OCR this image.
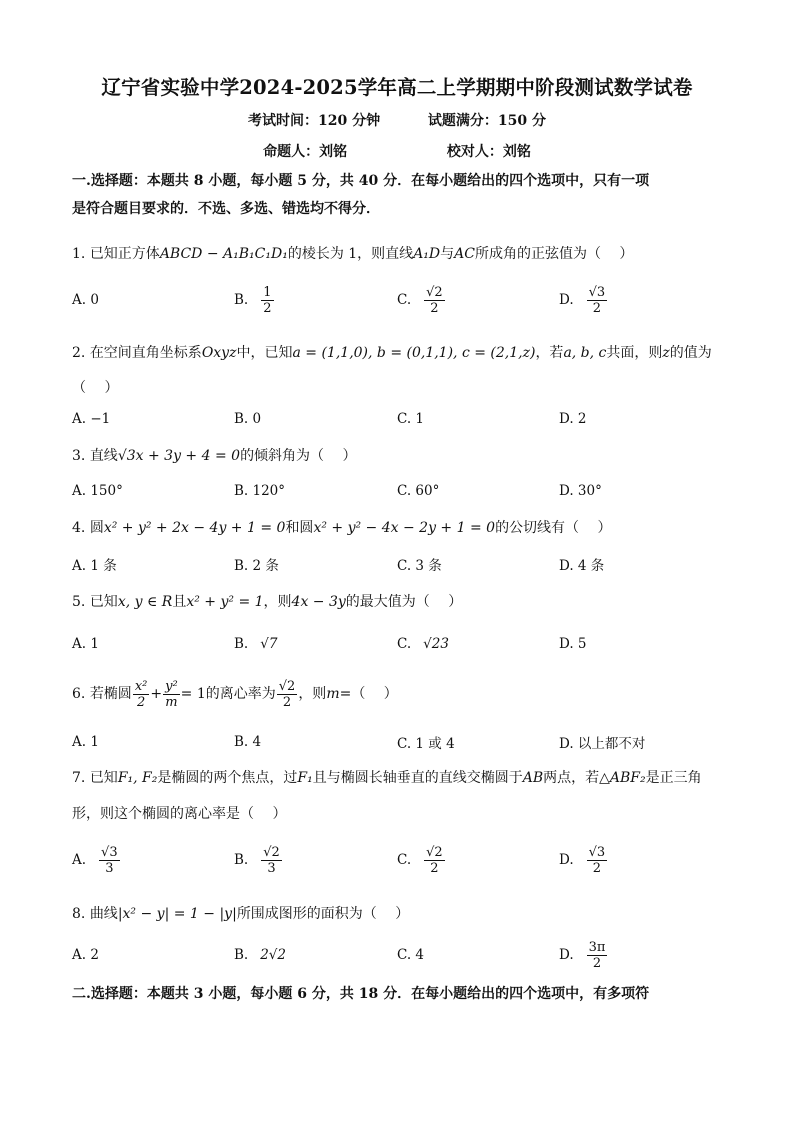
辽宁省实验中学2024-2025学年高二上学期期中阶段测试数学试卷
考试时间：120 分钟	试题满分：150 分
命题人：刘铭	校对人：刘铭
一.选择题：本题共 8 小题，每小题 5 分，共 40 分．在每小题给出的四个选项中，只有一项
是符合题目要求的．不选、多选、错选均不得分．
1. 已知正方体ABCD − A₁B₁C₁D₁的棱长为 1，则直线A₁D与AC所成角的正弦值为（　 ）
A. 0	B. $\frac{1}{2}$	C. $\frac{√2}{2}$	D. $\frac{√3}{2}$
2. 在空间直角坐标系Oxyz中，已知a = (1,1,0), b = (0,1,1), c = (2,1,z)，若a, b, c共面，则z的值为
（　 ）
A. −1	B. 0	C. 1	D. 2
3. 直线√3x + 3y + 4 = 0的倾斜角为（　 ）
A. 150°	B. 120°	C. 60°	D. 30°
4. 圆x² + y² + 2x − 4y + 1 = 0和圆x² + y² − 4x − 2y + 1 = 0的公切线有（　 ）
A. 1 条	B. 2 条	C. 3 条	D. 4 条
5. 已知x, y ∈ R且x² + y² = 1，则4x − 3y的最大值为（　 ）
A. 1	B. √7	C. √23	D. 5
6.
若椭圆 $\frac{\text{x²}}{2} + \frac{\text{y²}}{m} = 1$ 的离心率为 $\frac{√2}{2}$ ，则 m =（　 ）
A. 1	B. 4	C. 1 或 4	D. 以上都不对
7. 已知F₁, F₂是椭圆的两个焦点，过F₁且与椭圆长轴垂直的直线交椭圆于AB两点，若△ABF₂是正三角
形，则这个椭圆的离心率是（　 ）
A. $\frac{√3}{3}$	B. $\frac{√2}{3}$	C. $\frac{√2}{2}$	D. $\frac{√3}{2}$
8. 曲线|x² − y| = 1 − |y|所围成图形的面积为（　 ）
A. 2	B. 2√2	C. 4	D. $\frac{3\pi}{2}$
二.选择题：本题共 3 小题，每小题 6 分，共 18 分．在每小题给出的四个选项中，有多项符
